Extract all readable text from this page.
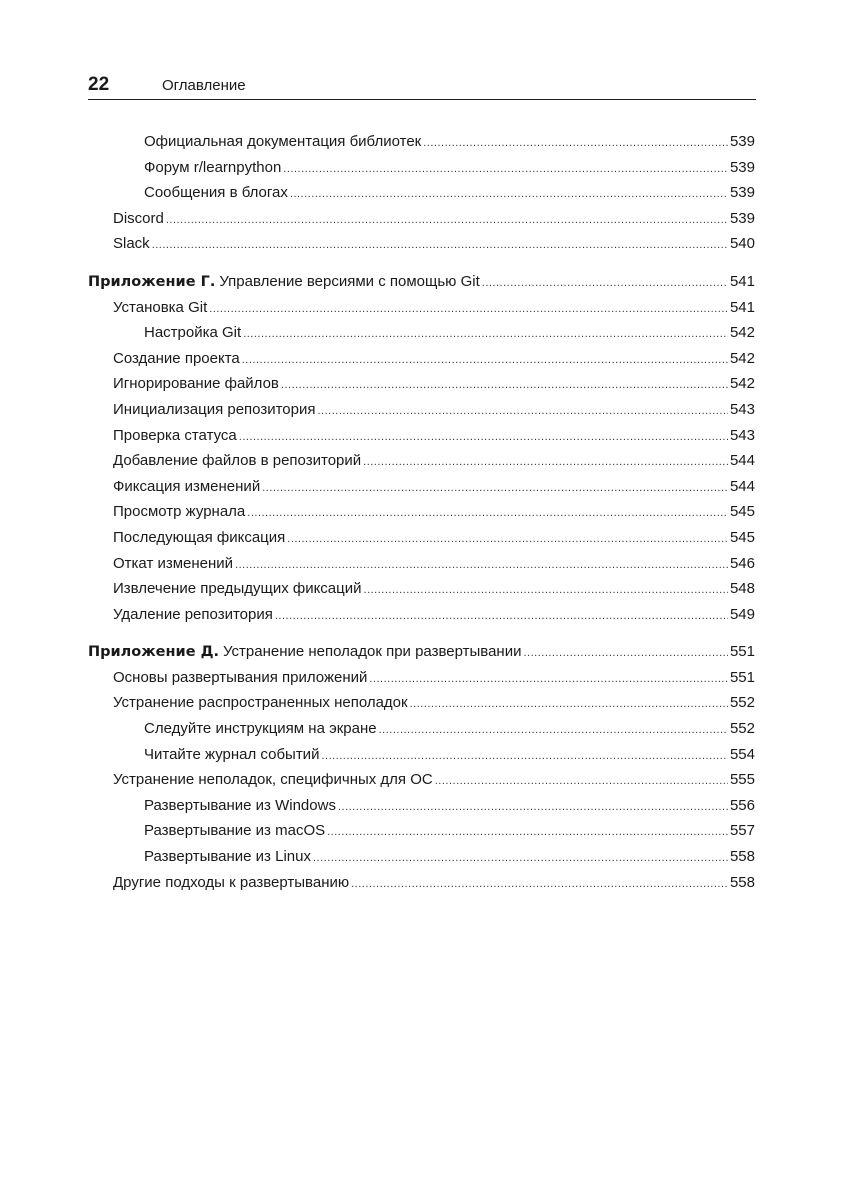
22	Оглавление
Официальная документация библиотек .....	539
Форум r/learnpython .....	539
Сообщения в блогах .....	539
Discord .....	539
Slack .....	540
Приложение Г. Управление версиями с помощью Git .....	541
Установка Git .....	541
Настройка Git .....	542
Создание проекта .....	542
Игнорирование файлов .....	542
Инициализация репозитория .....	543
Проверка статуса .....	543
Добавление файлов в репозиторий .....	544
Фиксация изменений .....	544
Просмотр журнала .....	545
Последующая фиксация .....	545
Откат изменений .....	546
Извлечение предыдущих фиксаций .....	548
Удаление репозитория .....	549
Приложение Д. Устранение неполадок при развертывании .....	551
Основы развертывания приложений .....	551
Устранение распространенных неполадок .....	552
Следуйте инструкциям на экране .....	552
Читайте журнал событий .....	554
Устранение неполадок, специфичных для ОС .....	555
Развертывание из Windows .....	556
Развертывание из macOS .....	557
Развертывание из Linux .....	558
Другие подходы к развертыванию .....	558
